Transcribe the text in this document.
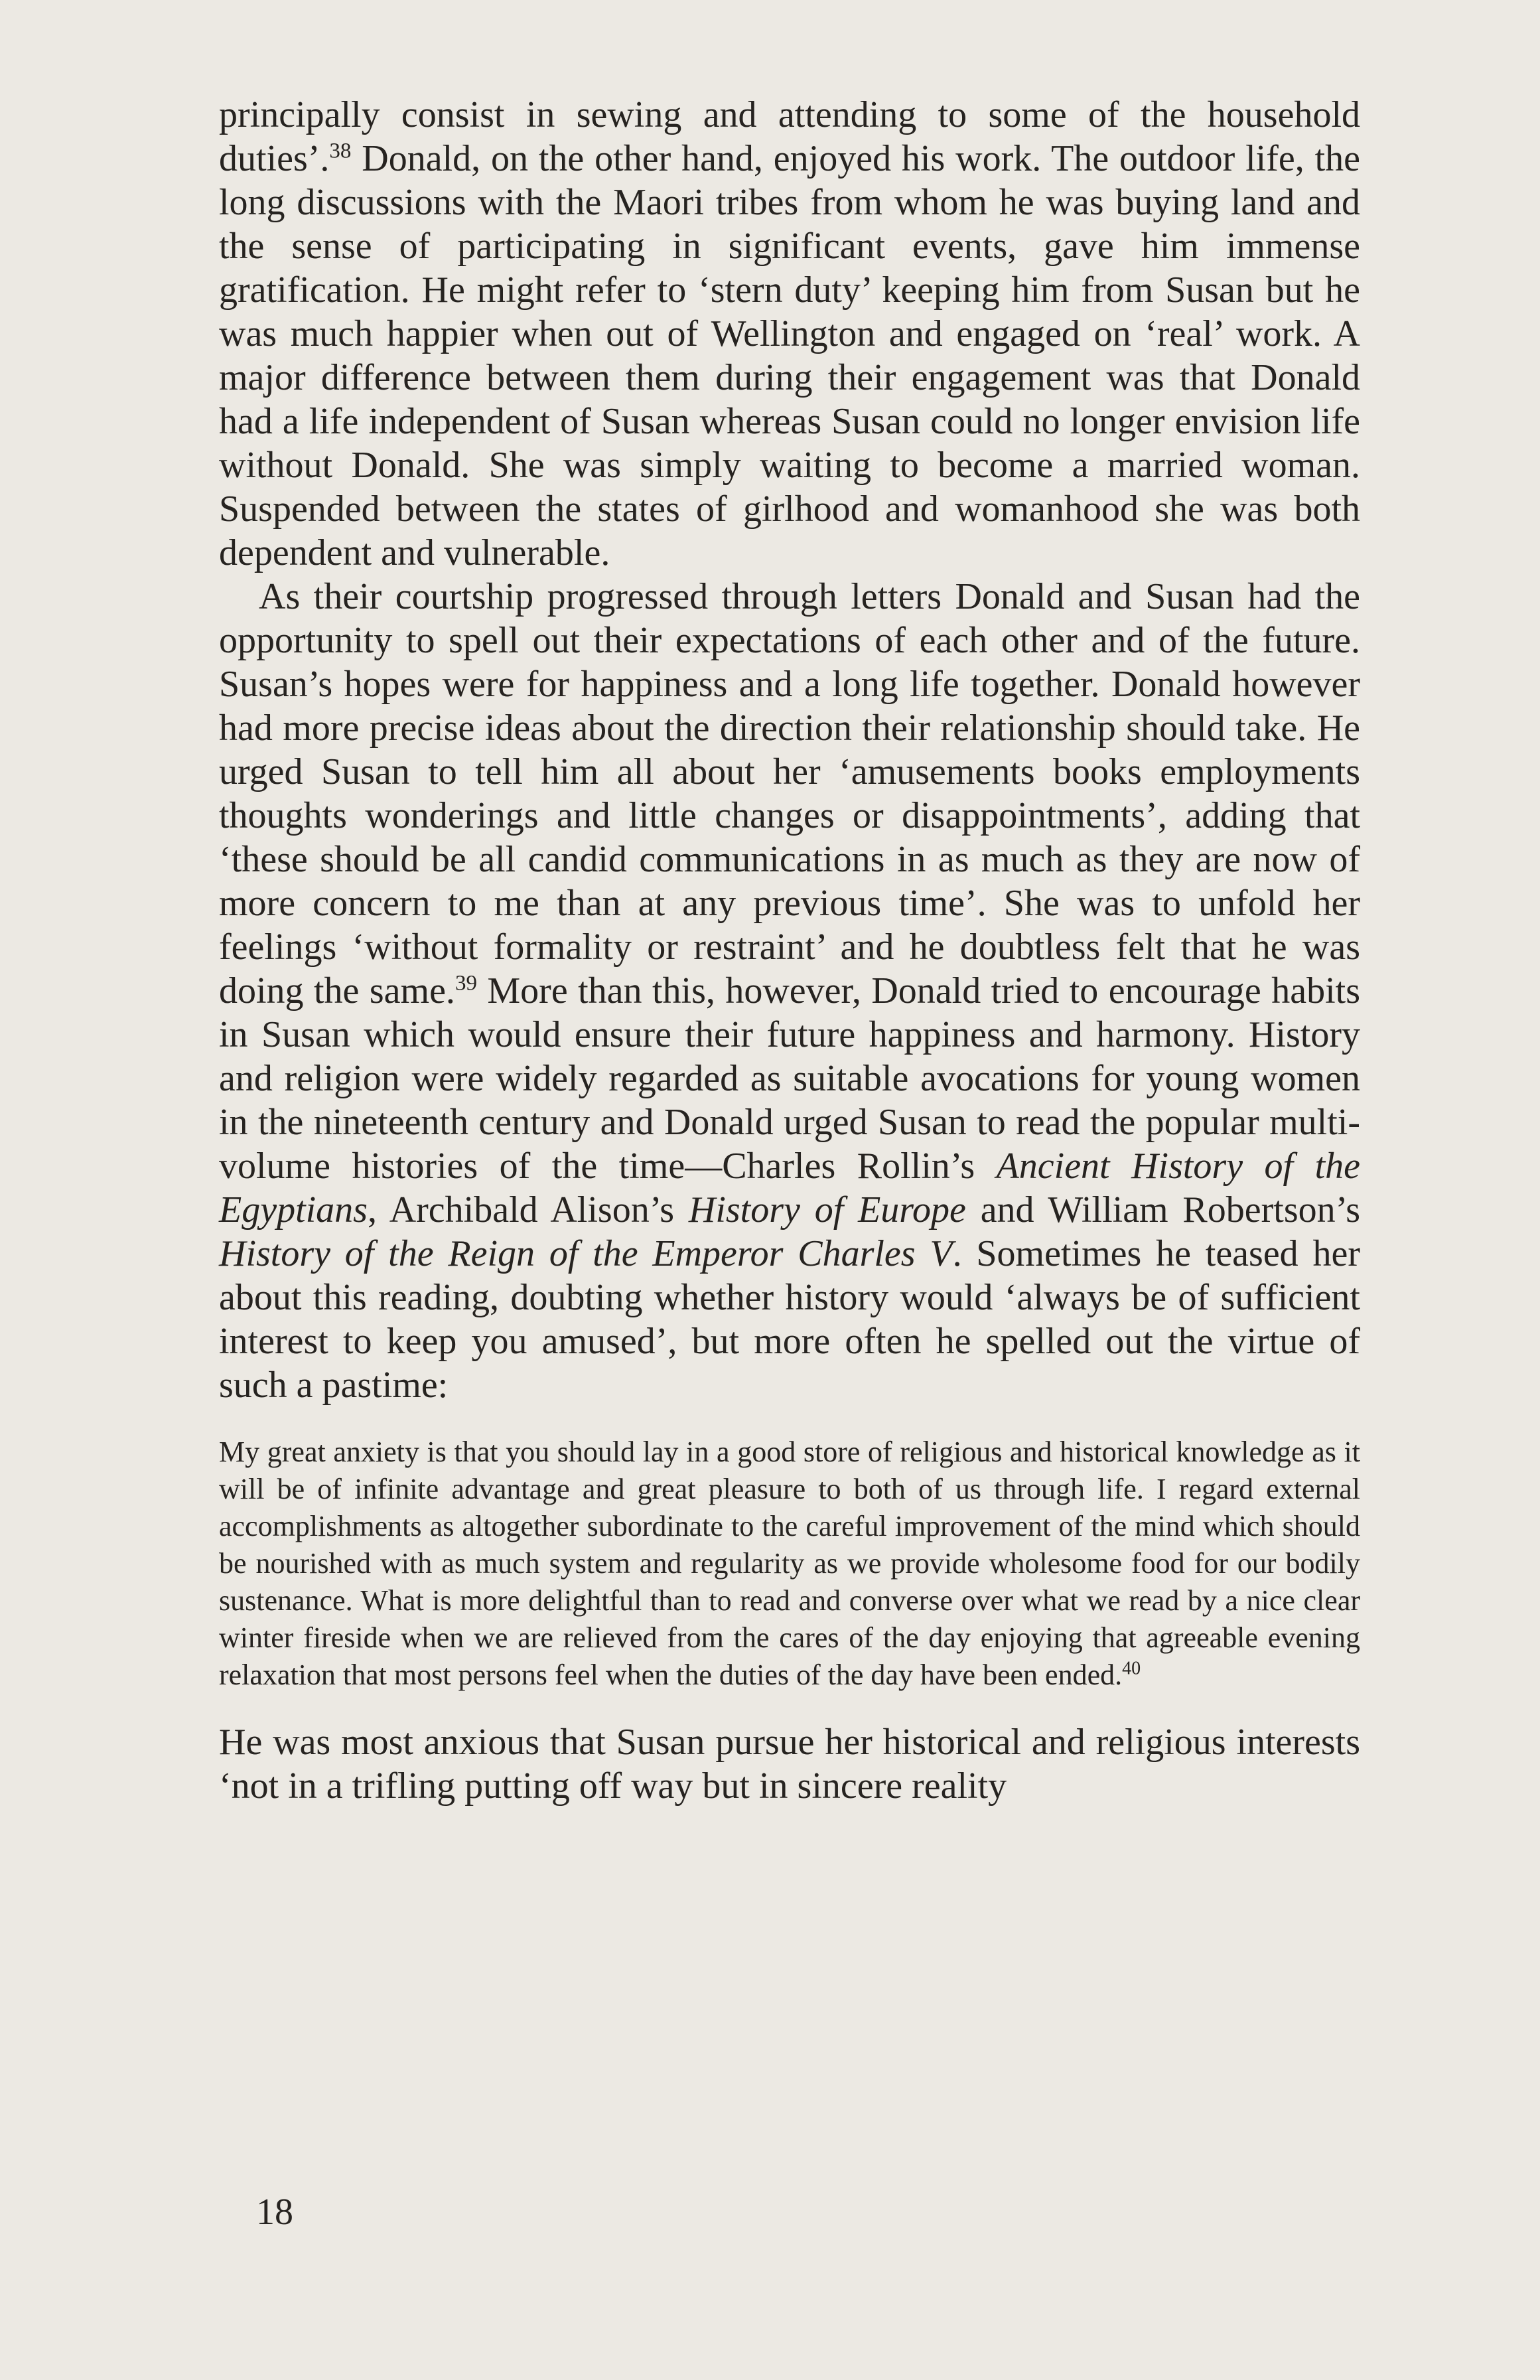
principally consist in sewing and attending to some of the household duties’.$^{38}$ Donald, on the other hand, enjoyed his work. The outdoor life, the long discussions with the Maori tribes from whom he was buying land and the sense of participating in significant events, gave him immense gratification. He might refer to ‘stern duty’ keeping him from Susan but he was much happier when out of Wellington and engaged on ‘real’ work. A major difference between them during their engagement was that Donald had a life independent of Susan whereas Susan could no longer envision life without Donald. She was simply waiting to become a married woman. Suspended between the states of girlhood and womanhood she was both dependent and vulnerable.

As their courtship progressed through letters Donald and Susan had the opportunity to spell out their expectations of each other and of the future. Susan’s hopes were for happiness and a long life together. Donald however had more precise ideas about the direction their relationship should take. He urged Susan to tell him all about her ‘amusements books employments thoughts wonderings and little changes or disappointments’, adding that ‘these should be all candid communications in as much as they are now of more concern to me than at any previous time’. She was to unfold her feelings ‘without formality or restraint’ and he doubtless felt that he was doing the same.$^{39}$ More than this, however, Donald tried to encourage habits in Susan which would ensure their future happiness and harmony. History and religion were widely regarded as suitable avocations for young women in the nineteenth century and Donald urged Susan to read the popular multi-volume histories of the time—Charles Rollin’s Ancient History of the Egyptians, Archibald Alison’s History of Europe and William Robertson’s History of the Reign of the Emperor Charles V. Sometimes he teased her about this reading, doubting whether history would ‘always be of sufficient interest to keep you amused’, but more often he spelled out the virtue of such a pastime:

My great anxiety is that you should lay in a good store of religious and historical knowledge as it will be of infinite advantage and great pleasure to both of us through life. I regard external accomplishments as altogether subordinate to the careful improvement of the mind which should be nourished with as much system and regularity as we provide wholesome food for our bodily sustenance. What is more delightful than to read and converse over what we read by a nice clear winter fireside when we are relieved from the cares of the day enjoying that agreeable evening relaxation that most persons feel when the duties of the day have been ended.$^{40}$

He was most anxious that Susan pursue her historical and religious interests ‘not in a trifling putting off way but in sincere reality

18
